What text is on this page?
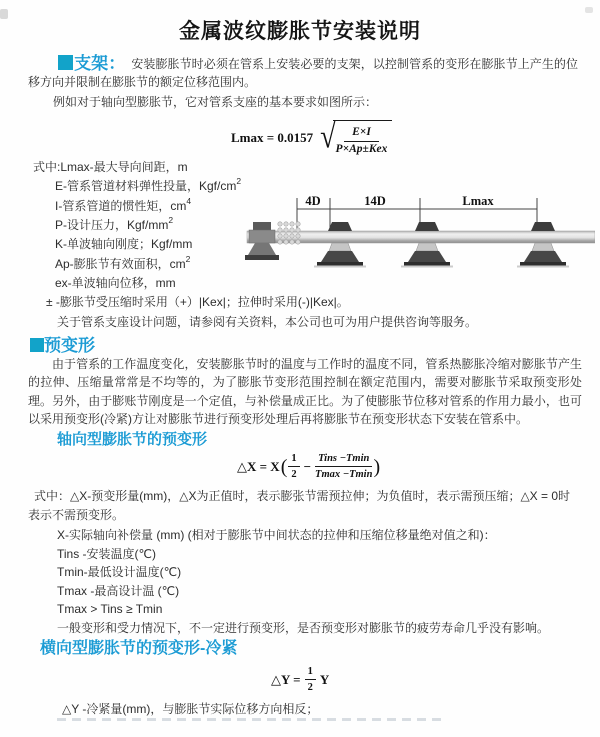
金属波纹膨胀节安装说明

支架： 安装膨胀节时必须在管系上安装必要的支架，以控制管系的变形在膨胀节上产生的位移方向并限制在膨胀节的额定位移范围内。

例如对于轴向型膨胀节，它对管系支座的基本要求如图所示：

Lmax = 0.0157 √	E×I
P×Ap±Kex
式中:Lmax-最大导向间距，m
E-管系管道材料弹性投量，Kgf/$cm^2$
I-管系管道的惯性矩，$cm^4$
P-设计压力，Kgf/$mm^2$
K-单波轴向刚度；Kgf/mm
Ap-膨胀节有效面积，$cm^2$
ex-单波轴向位移，mm
± -膨胀节受压缩时采用（+）|Kex|；拉伸时采用(-)|Kex|。
关于管系支座设计问题，请参阅有关资料，本公司也可为用户提供咨询等服务。
4D	14D	Lmax
预变形

由于管系的工作温度变化，安装膨胀节时的温度与工作时的温度不同，管系热膨胀冷缩对膨胀节产生的拉伸、压缩量常常是不均等的，为了膨胀节变形范围控制在额定范围内，需要对膨胀节采取预变形处理。另外，由于膨账节刚度是一个定值，与补偿量成正比。为了使膨胀节位移对管系的作用力最小，也可以采用预变形(冷紧)方让对膨胀节进行预变形处理后再将膨胀节在预变形状态下安装在管系中。

轴向型膨胀节的预变形
△X = X ( $\frac{1}{2}$ −
Tins −Tmin
Tmax −Tmin )

式中：△X-预变形量(mm)，△X为正值时，表示膨张节需预拉伸；为负值时，表示需预压缩；△X = 0时表示不需预变形。

X-实际轴向补偿量 (mm) (相对于膨胀节中间状态的拉伸和压缩位移量绝对值之和)：
Tins -安装温度(℃)
Tmin-最低设计温度(℃)
Tmax -最高设计温 (℃)
Tmax > Tins ≥ Tmin
一般变形和受力情况下，不一定进行预变形，是否预变形对膨胀节的疲劳寿命几乎没有影响。
横向型膨胀节的预变形-冷紧
△Y = $\frac{1}{2}$ Y

△Y -冷紧量(mm)，与膨胀节实际位移方向相反；
